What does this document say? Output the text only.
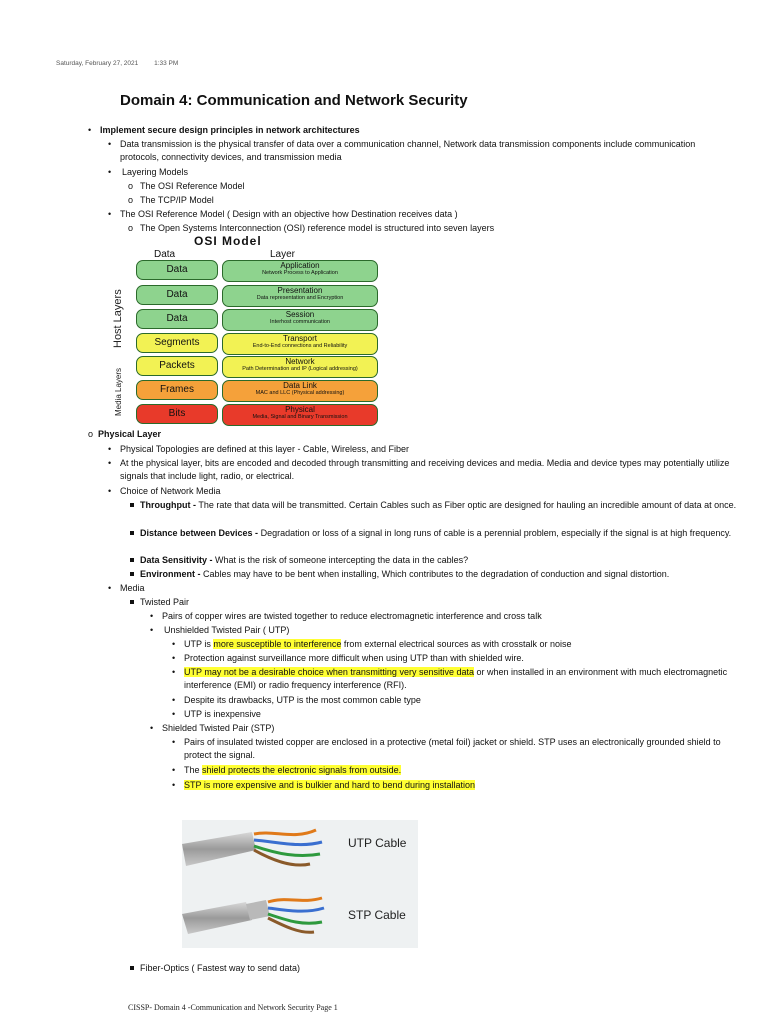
Saturday, February 27, 2021 1:33 PM
Domain 4: Communication and Network Security
• Implement secure design principles in network architectures
• Data transmission is the physical transfer of data over a communication channel, Network data transmission components include communication protocols, connectivity devices, and transmission media
• Layering Models
o The OSI Reference Model
o The TCP/IP Model
• The OSI Reference Model ( Design with an objective how Destination receives data )
o The Open Systems Interconnection (OSI) reference model is structured into seven layers
OSI Model
Data	Layer
Host Layers
Media Layers
Data	Application
Network Process to Application
Data	Presentation
Data representation and Encryption
Data	Session
Interhost communication
Segments	Transport
End-to-End connections and Reliability
Packets	Network
Path Determination and IP (Logical addressing)
Frames	Data Link
MAC and LLC (Physical addressing)
Bits	Physical
Media, Signal and Binary Transmission
o Physical Layer
• Physical Topologies are defined at this layer - Cable, Wireless, and Fiber
• At the physical layer, bits are encoded and decoded through transmitting and receiving devices and media. Media and device types may potentially utilize signals that include light, radio, or electrical.
• Choice of Network Media
Throughput - The rate that data will be transmitted. Certain Cables such as Fiber optic are designed for hauling an incredible amount of data at once.
Distance between Devices - Degradation or loss of a signal in long runs of cable is a perennial problem, especially if the signal is at high frequency.
Data Sensitivity - What is the risk of someone intercepting the data in the cables?
Environment - Cables may have to be bent when installing, Which contributes to the degradation of conduction and signal distortion.
• Media
Twisted Pair
• Pairs of copper wires are twisted together to reduce electromagnetic interference and cross talk
• Unshielded Twisted Pair ( UTP)
• UTP is more susceptible to interference from external electrical sources as with crosstalk or noise
• Protection against surveillance more difficult when using UTP than with shielded wire.
• UTP may not be a desirable choice when transmitting very sensitive data or when installed in an environment with much electromagnetic interference (EMI) or radio frequency interference (RFI).
• Despite its drawbacks, UTP is the most common cable type
• UTP is inexpensive
• Shielded Twisted Pair (STP)
• Pairs of insulated twisted copper are enclosed in a protective (metal foil) jacket or shield. STP uses an electronically grounded shield to protect the signal.
• The shield protects the electronic signals from outside.
• STP is more expensive and is bulkier and hard to bend during installation
UTP Cable
STP Cable
Fiber-Optics ( Fastest way to send data)
CISSP- Domain 4 -Communication and Network Security Page 1
